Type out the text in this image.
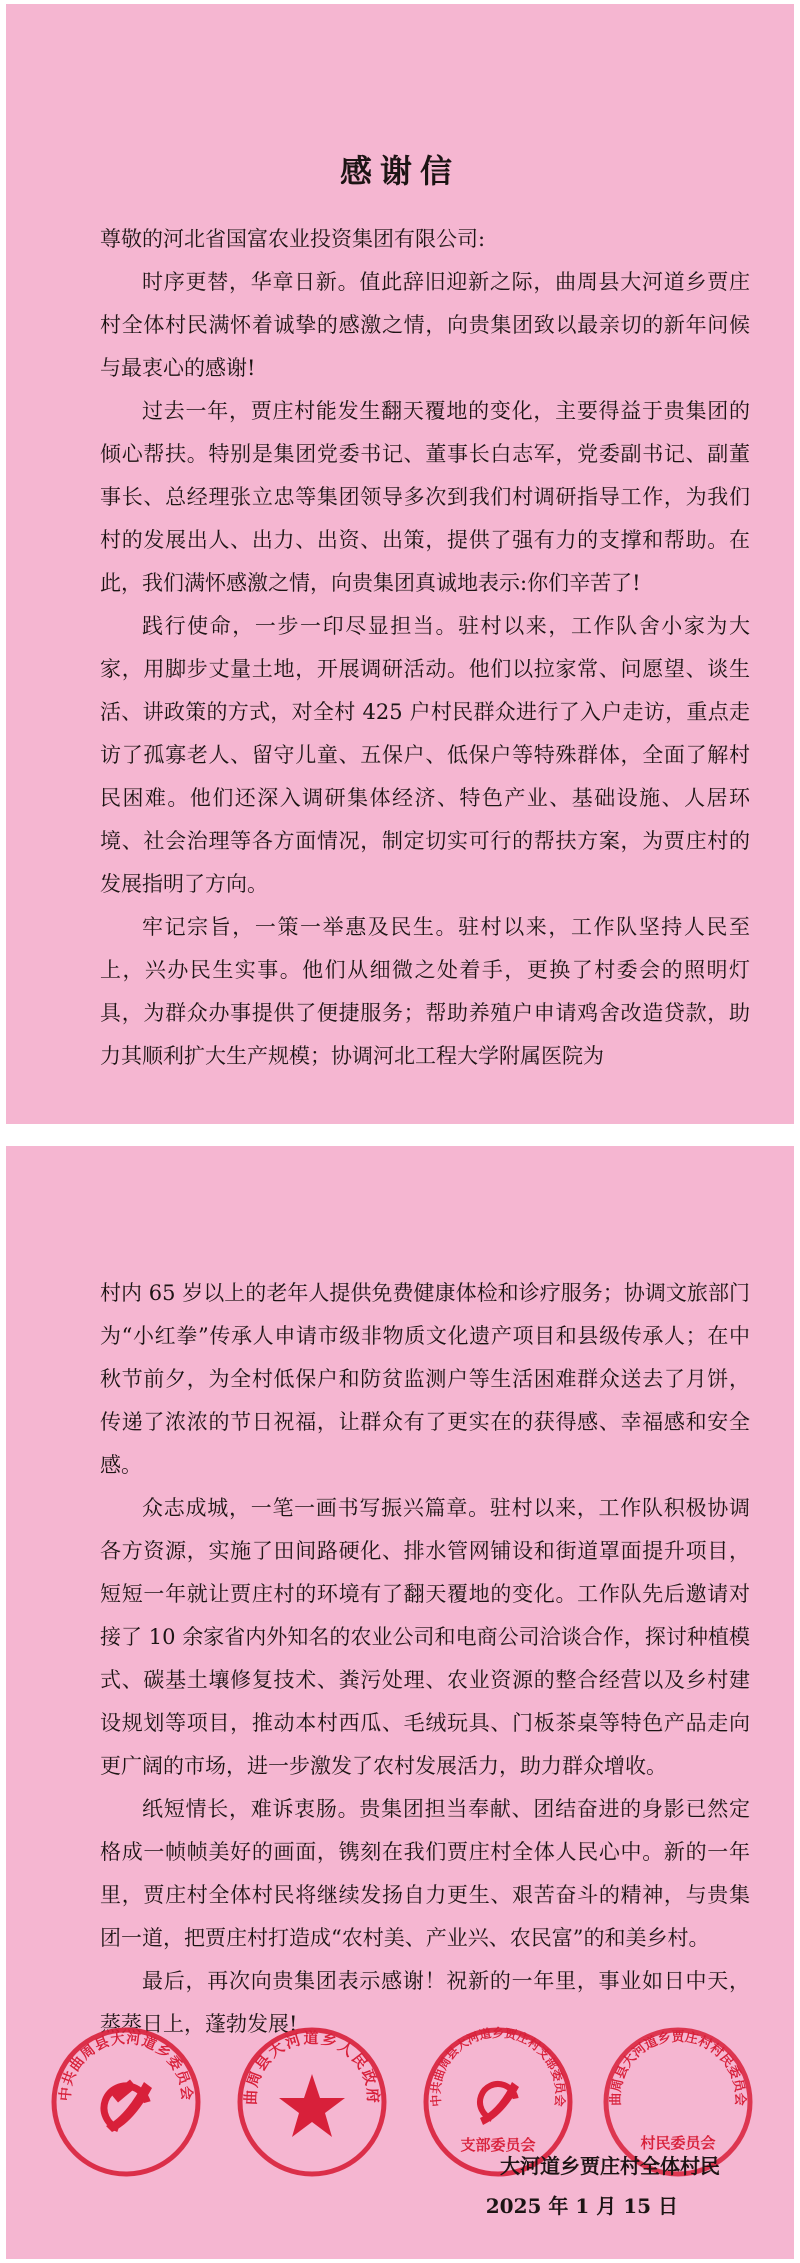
感谢信

尊敬的河北省国富农业投资集团有限公司:

时序更替，华章日新。值此辞旧迎新之际，曲周县大河道乡贾庄村全体村民满怀着诚挚的感激之情，向贵集团致以最亲切的新年问候与最衷心的感谢!

过去一年，贾庄村能发生翻天覆地的变化，主要得益于贵集团的倾心帮扶。特别是集团党委书记、董事长白志军，党委副书记、副董事长、总经理张立忠等集团领导多次到我们村调研指导工作，为我们村的发展出人、出力、出资、出策，提供了强有力的支撑和帮助。在此，我们满怀感激之情，向贵集团真诚地表示:你们辛苦了!

践行使命，一步一印尽显担当。驻村以来，工作队舍小家为大家，用脚步丈量土地，开展调研活动。他们以拉家常、问愿望、谈生活、讲政策的方式，对全村 425 户村民群众进行了入户走访，重点走访了孤寡老人、留守儿童、五保户、低保户等特殊群体，全面了解村民困难。他们还深入调研集体经济、特色产业、基础设施、人居环境、社会治理等各方面情况，制定切实可行的帮扶方案，为贾庄村的发展指明了方向。

牢记宗旨，一策一举惠及民生。驻村以来，工作队坚持人民至上，兴办民生实事。他们从细微之处着手，更换了村委会的照明灯具，为群众办事提供了便捷服务；帮助养殖户申请鸡舍改造贷款，助力其顺利扩大生产规模；协调河北工程大学附属医院为

村内 65 岁以上的老年人提供免费健康体检和诊疗服务；协调文旅部门为“小红拳”传承人申请市级非物质文化遗产项目和县级传承人；在中秋节前夕，为全村低保户和防贫监测户等生活困难群众送去了月饼，传递了浓浓的节日祝福，让群众有了更实在的获得感、幸福感和安全感。

众志成城，一笔一画书写振兴篇章。驻村以来，工作队积极协调各方资源，实施了田间路硬化、排水管网铺设和街道罩面提升项目，短短一年就让贾庄村的环境有了翻天覆地的变化。工作队先后邀请对接了 10 余家省内外知名的农业公司和电商公司洽谈合作，探讨种植模式、碳基土壤修复技术、粪污处理、农业资源的整合经营以及乡村建设规划等项目，推动本村西瓜、毛绒玩具、门板茶桌等特色产品走向更广阔的市场，进一步激发了农村发展活力，助力群众增收。

纸短情长，难诉衷肠。贵集团担当奉献、团结奋进的身影已然定格成一帧帧美好的画面，镌刻在我们贾庄村全体人民心中。新的一年里，贾庄村全体村民将继续发扬自力更生、艰苦奋斗的精神，与贵集团一道，把贾庄村打造成“农村美、产业兴、农民富”的和美乡村。

最后，再次向贵集团表示感谢！祝新的一年里，事业如日中天，蒸蒸日上，蓬勃发展!

中共曲周县大河道乡委员会	曲周县大河道乡人民政府	中共曲周县大河道乡贾庄村支部委员会
支部委员会
曲周县大河道乡贾庄村村民委员会
村民委员会
大河道乡贾庄村全体村民
2025 年 1 月 15 日
